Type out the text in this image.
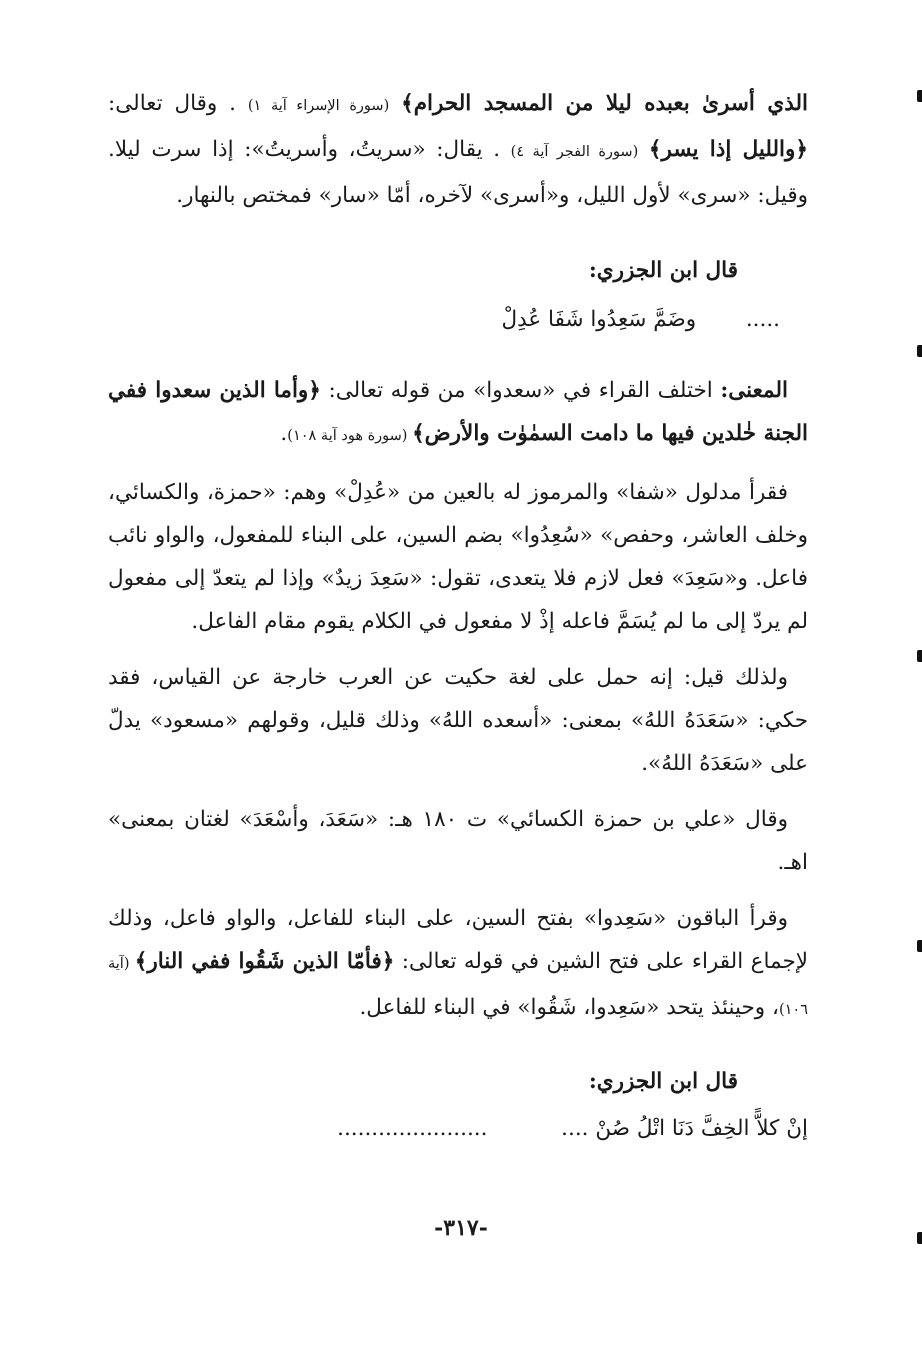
الذي أسرىٰ بعبده ليلا من المسجد الحرام﴾ (سورة الإسراء آية ١) . وقال تعالى: ﴿والليل إذا يسر﴾ (سورة الفجر آية ٤) . يقال: «سريتُ، وأسريتُ»: إذا سرت ليلا. وقيل: «سرى» لأول الليل، و«أسرى» لآخره، أمّا «سار» فمختص بالنهار.

قال ابن الجزري:

.....  وضَمَّ سَعِدُوا شَفَا عُدِلْ

المعنى: اختلف القراء في «سعدوا» من قوله تعالى: ﴿وأما الذين سعدوا ففي الجنة خٰلدين فيها ما دامت السمٰوٰت والأرض﴾ (سورة هود آية ١٠٨).

فقرأ مدلول «شفا» والمرموز له بالعين من «عُدِلْ» وهم: «حمزة، والكسائي، وخلف العاشر، وحفص» «سُعِدُوا» بضم السين، على البناء للمفعول، والواو نائب فاعل. و«سَعِدَ» فعل لازم فلا يتعدى، تقول: «سَعِدَ زيدٌ» وإذا لم يتعدّ إلى مفعول لم يردّ إلى ما لم يُسَمَّ فاعله إذْ لا مفعول في الكلام يقوم مقام الفاعل.

ولذلك قيل: إنه حمل على لغة حكيت عن العرب خارجة عن القياس، فقد حكي: «سَعَدَهُ اللهُ» بمعنى: «أسعده اللهُ» وذلك قليل، وقولهم «مسعود» يدلّ على «سَعَدَهُ اللهُ».

وقال «علي بن حمزة الكسائي» ت ١٨٠ هـ: «سَعَدَ، وأسْعَدَ» لغتان بمعنى» اهـ.

وقرأ الباقون «سَعِدوا» بفتح السين، على البناء للفاعل، والواو فاعل، وذلك لإجماع القراء على فتح الشين في قوله تعالى: ﴿فأمّا الذين شَقُوا ففي النار﴾ (آية ١٠٦)، وحينئذ يتحد «سَعِدوا، شَقُوا» في البناء للفاعل.

قال ابن الجزري:

إنْ كلاًّ الخِفَّ دَنَا اتْلُ صُنْ ....  ......................

-٣١٧-
